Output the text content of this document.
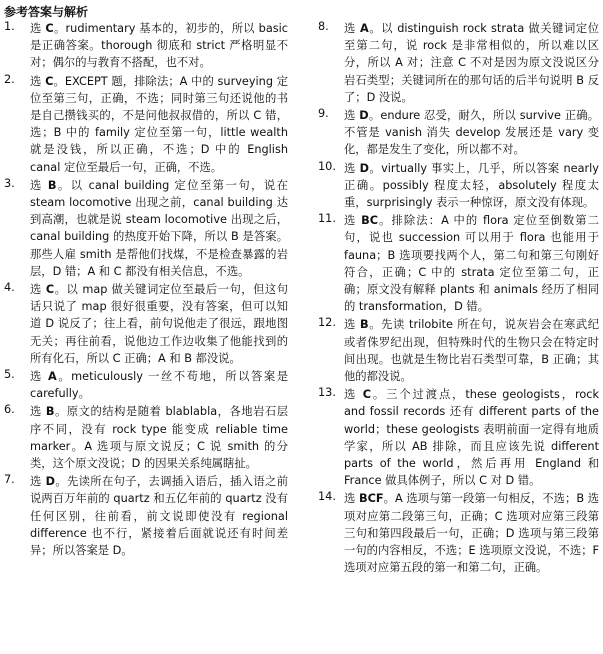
参考答案与解析
1.	选 C。rudimentary 基本的，初步的，所以 basic 是正确答案。thorough 彻底和 strict 严格明显不对；偶尔的与教育不搭配，也不对。
2.	选 C。EXCEPT 题，排除法；A 中的 surveying 定位至第三句，正确，不选；同时第三句还说他的书是自己攒钱买的，不是问他叔叔借的，所以 C 错，选；B 中的 family 定位至第一句，little wealth 就是没钱，所以正确，不选；D 中的 English canal 定位至最后一句，正确，不选。
3.	选 B。以 canal building 定位至第一句，说在 steam locomotive 出现之前，canal building 达到高潮，也就是说 steam locomotive 出现之后，canal building 的热度开始下降，所以 B 是答案。那些人雇 smith 是帮他们找煤，不是检查暴露的岩层，D 错；A 和 C 都没有相关信息，不选。
4.	选 C。以 map 做关键词定位至最后一句，但这句话只说了 map 很好很重要，没有答案，但可以知道 D 说反了；往上看，前句说他走了很远，跟地图无关；再往前看，说他边工作边收集了他能找到的所有化石，所以 C 正确；A 和 B 都没说。
5.	选 A。meticulously 一丝不苟地，所以答案是 carefully。
6.	选 B。原文的结构是随着 blablabla，各地岩石层序不同，没有 rock type 能变成 reliable time marker。A 选项与原文说反；C 说 smith 的分类，这个原文没说；D 的因果关系纯属瞎扯。
7.	选 D。先读所在句子，去调插入语后，插入语之前说两百万年前的 quartz 和五亿年前的 quartz 没有任何区别，往前看，前文说即使没有 regional difference 也不行，紧接着后面就说还有时间差异；所以答案是 D。
8.	选 A。以 distinguish rock strata 做关键词定位至第二句，说 rock 是非常相似的，所以难以区分，所以 A 对；注意 C 不对是因为原文没说区分岩石类型；关键词所在的那句话的后半句说明 B 反了；D 没说。
9.	选 D。endure 忍受，耐久，所以 survive 正确。不管是 vanish 消失 develop 发展还是 vary 变化，都是发生了变化，所以都不对。
10. 选 D。virtually 事实上，几乎，所以答案 nearly 正确。possibly 程度太轻，absolutely 程度太重，surprisingly 表示一种惊讶，原文没有体现。
11. 选 BC。排除法：A 中的 flora 定位至倒数第二句，说也 succession 可以用于 flora 也能用于 fauna；B 选项要找两个人，第二句和第三句刚好符合，正确；C 中的 strata 定位至第二句，正确；原文没有解释 plants 和 animals 经历了相同的 transformation，D 错。
12. 选 B。先读 trilobite 所在句，说灰岩会在寒武纪或者侏罗纪出现，但特殊时代的生物只会在特定时间出现。也就是生物比岩石类型可靠，B 正确；其他的都没说。
13. 选 C。三个过渡点，these geologists，rock and fossil records 还有 different parts of the world；these geologists 表明前面一定得有地质学家，所以 AB 排除，而且应该先说 different parts of the world，然后再用 England 和 France 做具体例子，所以 C 对 D 错。
14. 选 BCF。A 选项与第一段第一句相反，不选；B 选项对应第二段第三句，正确；C 选项对应第三段第三句和第四段最后一句，正确；D 选项与第三段第一句的内容相反，不选；E 选项原文没说，不选；F 选项对应第五段的第一和第二句，正确。
